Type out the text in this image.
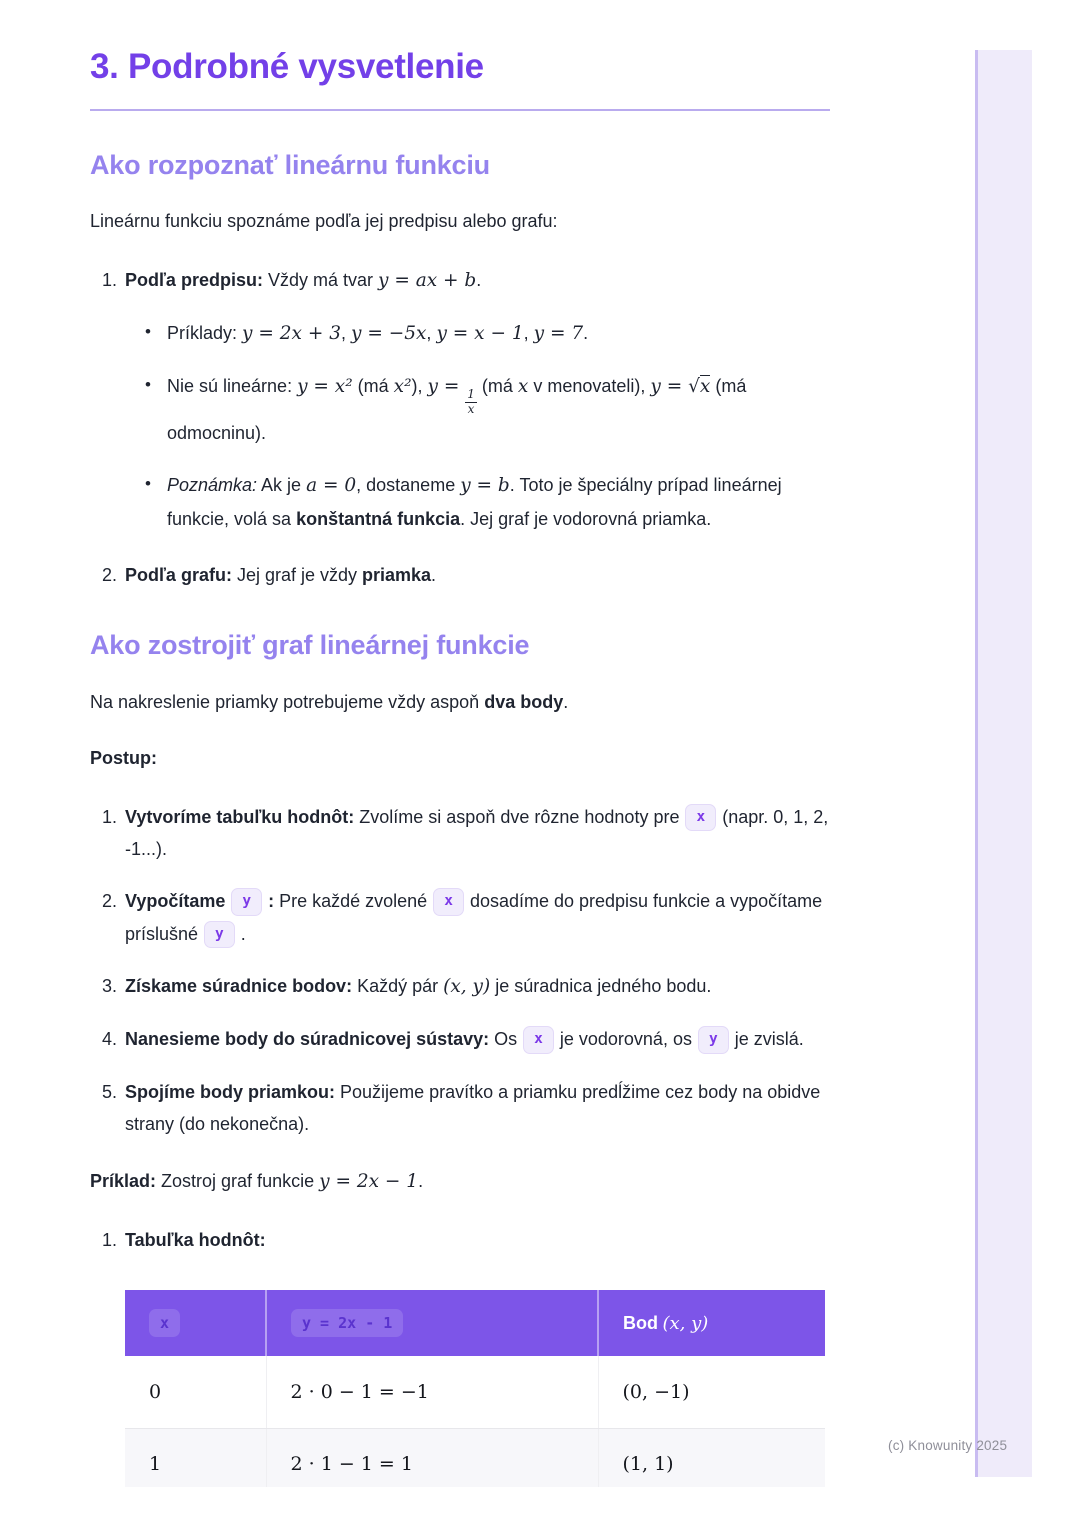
(c) Knowunity 2025
3. Podrobné vysvetlenie
Ako rozpoznať lineárnu funkciu

Lineárnu funkciu spoznáme podľa jej predpisu alebo grafu:

1. Podľa predpisu: Vždy má tvar y = ax + b.
• Príklady: y = 2x + 3, y = −5x, y = x − 1, y = 7.
• Nie sú lineárne: y = x² (má x²), y =
$\frac{1}{x}$
(má x v menovateli), y = √x (má odmocninu).
• Poznámka: Ak je a = 0, dostaneme y = b. Toto je špeciálny prípad lineárnej funkcie, volá sa konštantná funkcia. Jej graf je vodorovná priamka.
2. Podľa grafu: Jej graf je vždy priamka.
Ako zostrojiť graf lineárnej funkcie

Na nakreslenie priamky potrebujeme vždy aspoň dva body.

Postup:

1. Vytvoríme tabuľku hodnôt: Zvolíme si aspoň dve rôzne hodnoty pre x (napr. 0, 1, 2, -1...).
2. Vypočítame y : Pre každé zvolené x dosadíme do predpisu funkcie a vypočítame príslušné y .
3. Získame súradnice bodov: Každý pár (x, y) je súradnica jedného bodu.
4. Nanesieme body do súradnicovej sústavy: Os x je vodorovná, os y je zvislá.
5. Spojíme body priamkou: Použijeme pravítko a priamku predĺžime cez body na obidve strany (do nekonečna).

Príklad: Zostroj graf funkcie y = 2x − 1.

1. Tabuľka hodnôt:
x	y = 2x - 1	Bod (x, y)
0	2 · 0 − 1 = −1	(0, −1)
1	2 · 1 − 1 = 1	(1, 1)
